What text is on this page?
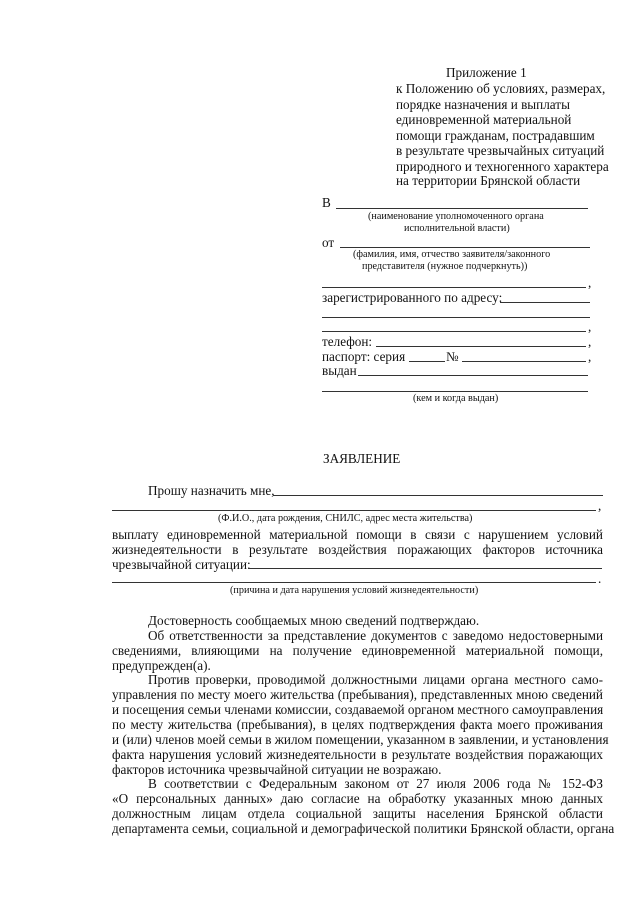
Приложение 1
к Положению об условиях, размерах,
порядке назначения и выплаты
единовременной материальной
помощи гражданам, пострадавшим
в результате чрезвычайных ситуаций
природного и техногенного характера
на территории Брянской области
В
(наименование уполномоченного органа
исполнительной власти)
от
(фамилия, имя, отчество заявителя/законного
представителя (нужное подчеркнуть))
,
зарегистрированного по адресу:
,
телефон:	,
паспорт: серия	№	,
выдан
(кем и когда выдан)
ЗАЯВЛЕНИЕ
Прошу назначить мне,
,
(Ф.И.О., дата рождения, СНИЛС, адрес места жительства)
выплату единовременной материальной помощи в связи с нарушением условий
жизнедеятельности в результате воздействия поражающих факторов источника
чрезвычайной ситуации:
.
(причина и дата нарушения условий жизнедеятельности)
Достоверность сообщаемых мною сведений подтверждаю.
Об ответственности за представление документов с заведомо недостоверными
сведениями, влияющими на получение единовременной материальной помощи,
предупрежден(а).
Против проверки, проводимой должностными лицами органа местного само-
управления по месту моего жительства (пребывания), представленных мною сведений
и посещения семьи членами комиссии, создаваемой органом местного самоуправления
по месту жительства (пребывания), в целях подтверждения факта моего проживания
и (или) членов моей семьи в жилом помещении, указанном в заявлении, и установления
факта нарушения условий жизнедеятельности в результате воздействия поражающих
факторов источника чрезвычайной ситуации не возражаю.
В соответствии с Федеральным законом от 27 июля 2006 года № 152-ФЗ
«О персональных данных» даю согласие на обработку указанных мною данных
должностным лицам отдела социальной защиты населения Брянской области
департамента семьи, социальной и демографической политики Брянской области, органа
